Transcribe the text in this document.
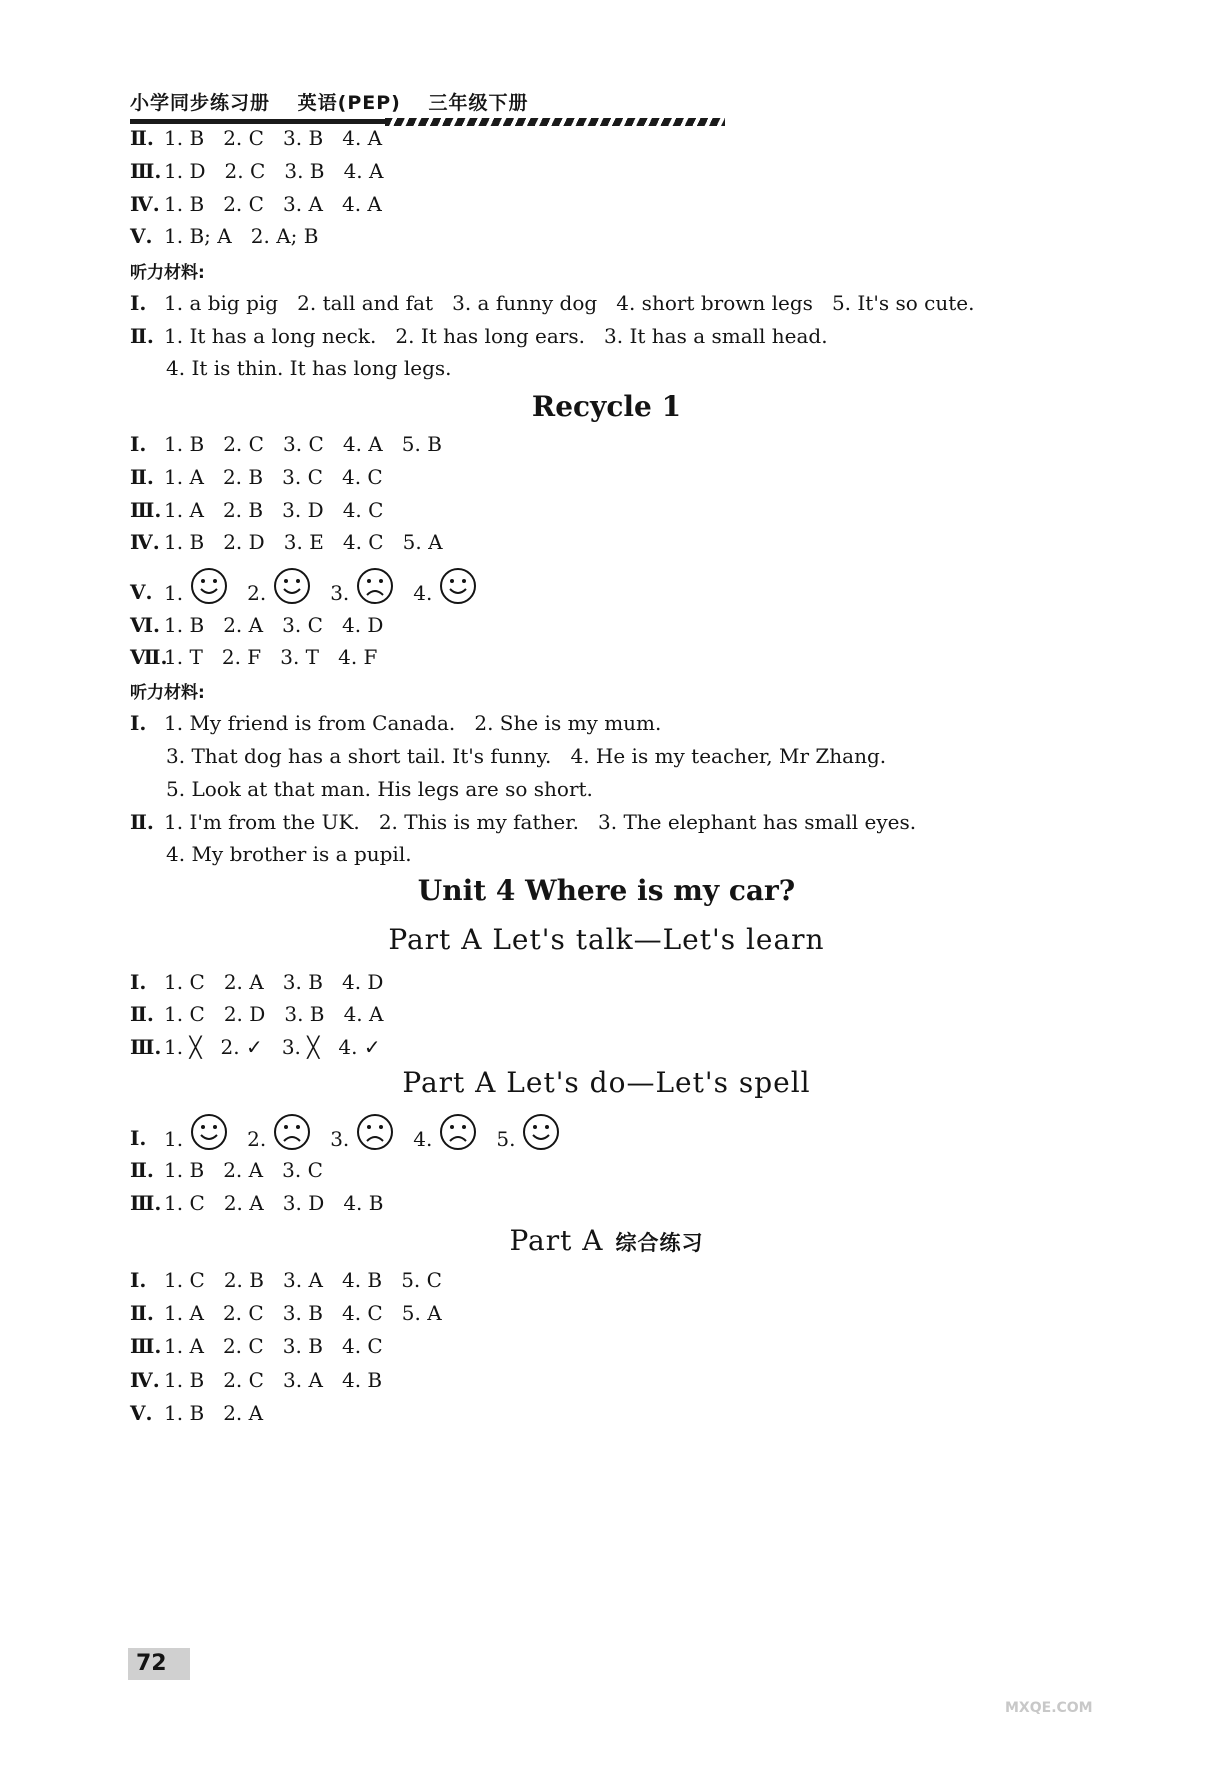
小学同步练习册 英语(PEP) 三年级下册
Ⅱ. 1. B   2. C   3. B   4. A
Ⅲ. 1. D   2. C   3. B   4. A
Ⅳ. 1. B   2. C   3. A   4. A
Ⅴ. 1. B; A   2. A; B
听力材料:
Ⅰ. 1. a big pig   2. tall and fat   3. a funny dog   4. short brown legs   5. It's so cute.
Ⅱ. 1. It has a long neck.   2. It has long ears.   3. It has a small head.
4. It is thin. It has long legs.
Recycle 1
Ⅰ. 1. B   2. C   3. C   4. A   5. B
Ⅱ. 1. A   2. B   3. C   4. C
Ⅲ. 1. A   2. B   3. D   4. C
Ⅳ. 1. B   2. D   3. E   4. C   5. A
Ⅴ. 1.	2.	3.	4.
Ⅵ. 1. B   2. A   3. C   4. D
Ⅶ.1. T   2. F   3. T   4. F
听力材料:
Ⅰ. 1. My friend is from Canada.   2. She is my mum.
3. That dog has a short tail. It's funny.   4. He is my teacher, Mr Zhang.
5. Look at that man. His legs are so short.
Ⅱ. 1. I'm from the UK.   2. This is my father.   3. The elephant has small eyes.
4. My brother is a pupil.
Unit 4 Where is my car?
Part A Let's talk—Let's learn
Ⅰ. 1. C   2. A   3. B   4. D
Ⅱ. 1. C   2. D   3. B   4. A
Ⅲ. 1. ╳   2. ✓   3. ╳   4. ✓
Part A Let's do—Let's spell
Ⅰ. 1.	2.	3.	4.	5.
Ⅱ. 1. B   2. A   3. C
Ⅲ. 1. C   2. A   3. D   4. B
Part A 综合练习
Ⅰ. 1. C   2. B   3. A   4. B   5. C
Ⅱ. 1. A   2. C   3. B   4. C   5. A
Ⅲ. 1. A   2. C   3. B   4. C
Ⅳ. 1. B   2. C   3. A   4. B
Ⅴ. 1. B   2. A
72
MXQE.COM
